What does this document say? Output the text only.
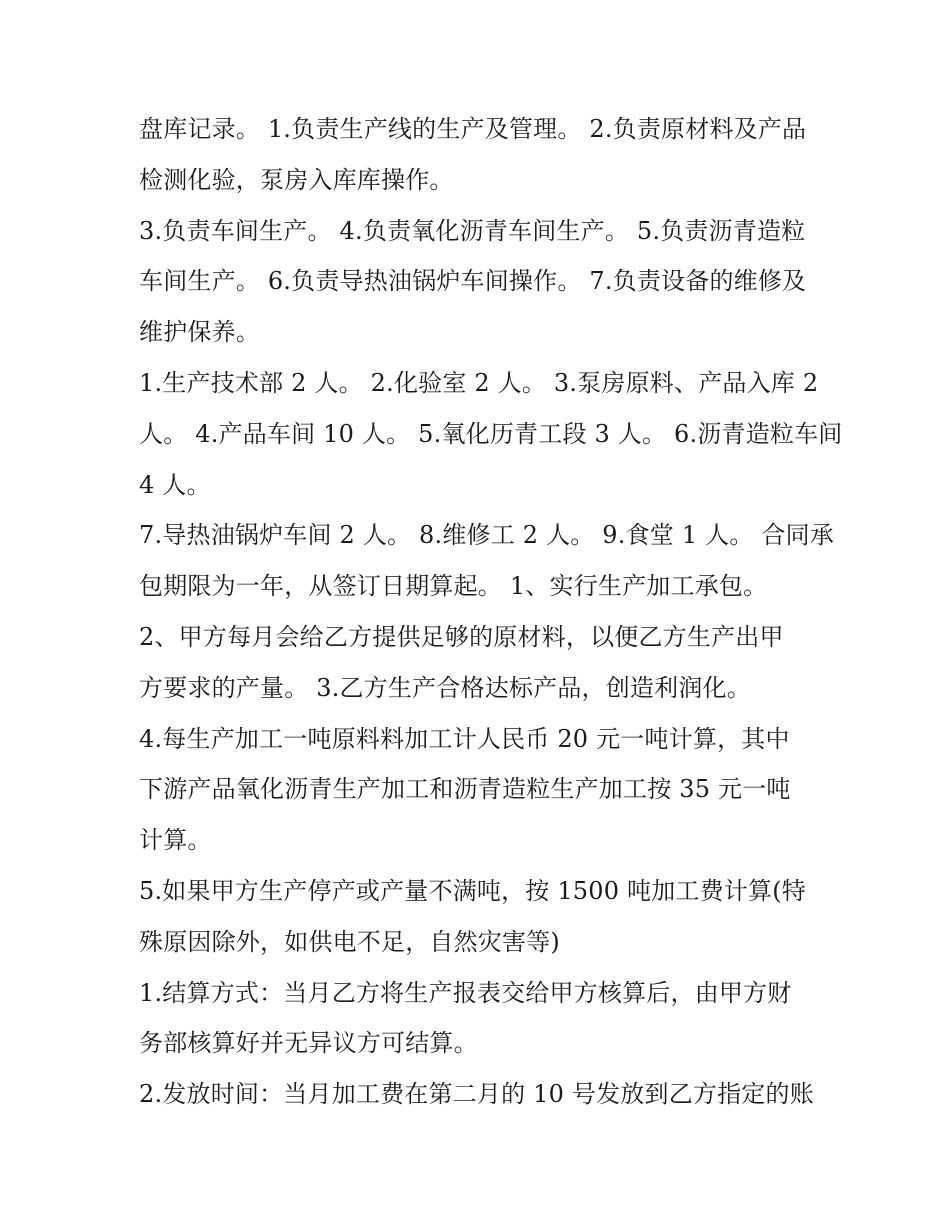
盘库记录。 1.负责生产线的生产及管理。 2.负责原材料及产品
检测化验，泵房入库库操作。
3.负责车间生产。 4.负责氧化沥青车间生产。 5.负责沥青造粒
车间生产。 6.负责导热油锅炉车间操作。 7.负责设备的维修及
维护保养。
1.生产技术部 2 人。 2.化验室 2 人。 3.泵房原料、产品入库 2
人。 4.产品车间 10 人。 5.氧化历青工段 3 人。 6.沥青造粒车间
4 人。
7.导热油锅炉车间 2 人。 8.维修工 2 人。 9.食堂 1 人。 合同承
包期限为一年，从签订日期算起。 1、实行生产加工承包。
2、甲方每月会给乙方提供足够的原材料，以便乙方生产出甲
方要求的产量。 3.乙方生产合格达标产品，创造利润化。
4.每生产加工一吨原料料加工计人民币 20 元一吨计算，其中
下游产品氧化沥青生产加工和沥青造粒生产加工按 35 元一吨
计算。
5.如果甲方生产停产或产量不满吨，按 1500 吨加工费计算(特
殊原因除外，如供电不足，自然灾害等)
1.结算方式：当月乙方将生产报表交给甲方核算后，由甲方财
务部核算好并无异议方可结算。
2.发放时间：当月加工费在第二月的 10 号发放到乙方指定的账
